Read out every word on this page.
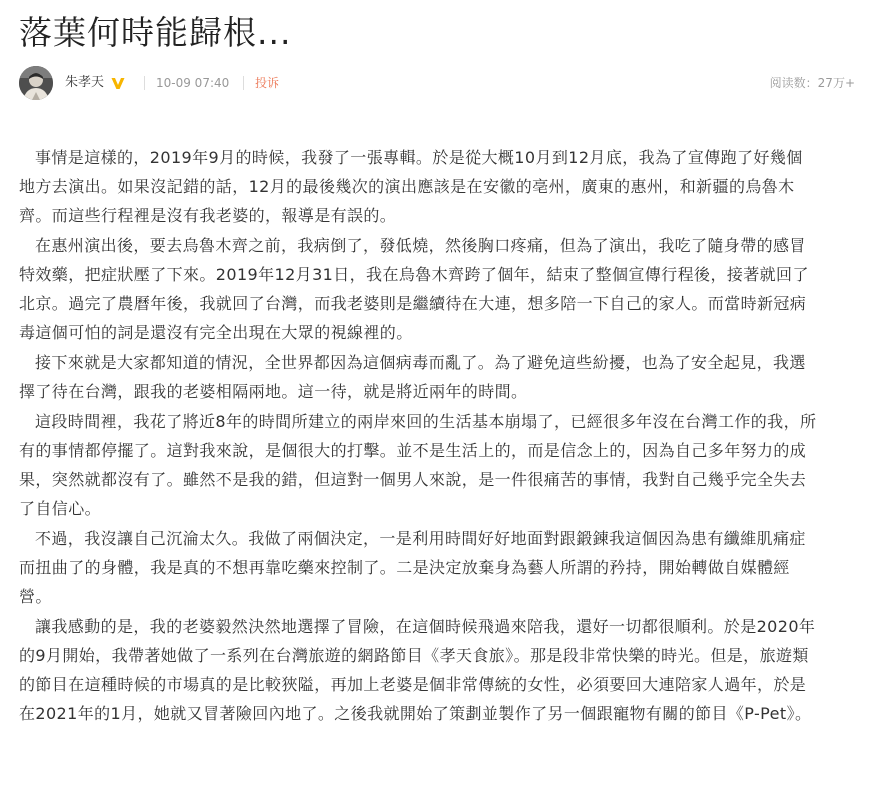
落葉何時能歸根...
朱孝天	10-09 07:40 投诉	阅读数：27万+

事情是這樣的，2019年9月的時候，我發了一張專輯。於是從大概10月到12月底，我為了宣傳跑了好幾個地方去演出。如果沒記錯的話，12月的最後幾次的演出應該是在安徽的亳州，廣東的惠州，和新疆的烏魯木齊。而這些行程裡是沒有我老婆的，報導是有誤的。

在惠州演出後，要去烏魯木齊之前，我病倒了，發低燒，然後胸口疼痛，但為了演出，我吃了隨身帶的感冒特效藥，把症狀壓了下來。2019年12月31日，我在烏魯木齊跨了個年，結束了整個宣傳行程後，接著就回了北京。過完了農曆年後，我就回了台灣，而我老婆則是繼續待在大連，想多陪一下自己的家人。而當時新冠病毒這個可怕的詞是還沒有完全出現在大眾的視線裡的。

接下來就是大家都知道的情況，全世界都因為這個病毒而亂了。為了避免這些紛擾，也為了安全起見，我選擇了待在台灣，跟我的老婆相隔兩地。這一待，就是將近兩年的時間。

這段時間裡，我花了將近8年的時間所建立的兩岸來回的生活基本崩塌了，已經很多年沒在台灣工作的我，所有的事情都停擺了。這對我來說，是個很大的打擊。並不是生活上的，而是信念上的，因為自己多年努力的成果，突然就都沒有了。雖然不是我的錯，但這對一個男人來說，是一件很痛苦的事情，我對自己幾乎完全失去了自信心。

不過，我沒讓自己沉淪太久。我做了兩個決定，一是利用時間好好地面對跟鍛鍊我這個因為患有纖維肌痛症而扭曲了的身體，我是真的不想再靠吃藥來控制了。二是決定放棄身為藝人所謂的矜持，開始轉做自媒體經營。

讓我感動的是，我的老婆毅然決然地選擇了冒險，在這個時候飛過來陪我，還好一切都很順利。於是2020年的9月開始，我帶著她做了一系列在台灣旅遊的網路節目《孝天食旅》。那是段非常快樂的時光。但是，旅遊類的節目在這種時候的市場真的是比較狹隘，再加上老婆是個非常傳統的女性，必須要回大連陪家人過年，於是在2021年的1月，她就又冒著險回內地了。之後我就開始了策劃並製作了另一個跟寵物有關的節目《P-Pet》。
